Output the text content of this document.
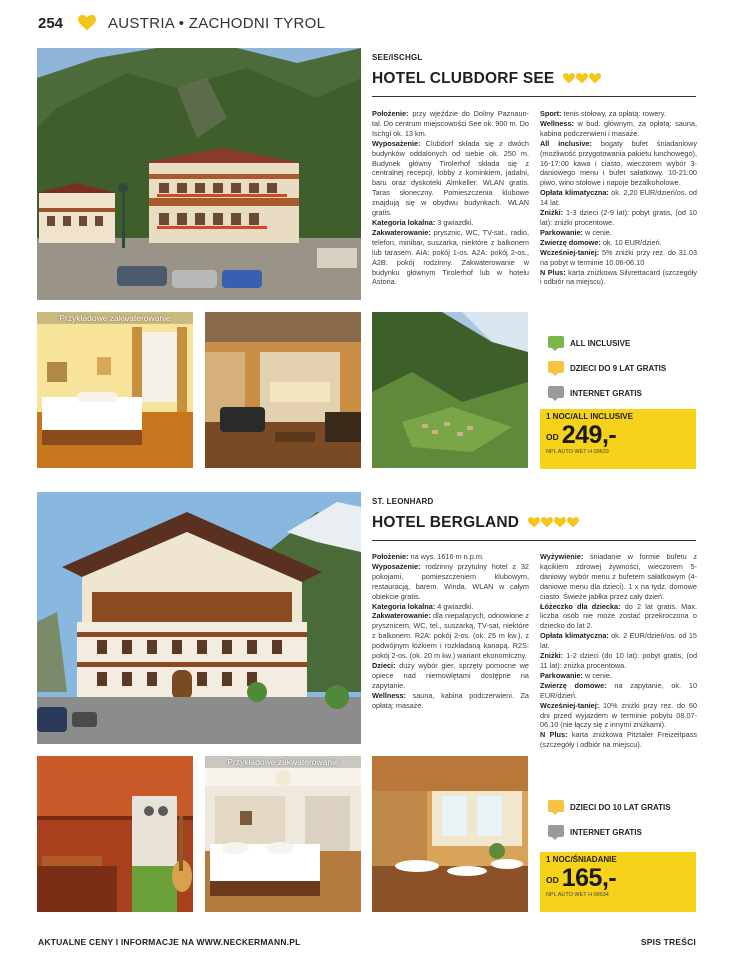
254	AUSTRIA • ZACHODNI TYROL
Przykładowe zakwaterowanie
SEE/ISCHGL
HOTEL CLUBDORF SEE

Położenie: przy wjeździe do Doliny Paznaun-tal. Do centrum miejscowości See ok. 900 m. Do Ischgl ok. 13 km.

Wyposażenie: Clubdorf składa się z dwóch budynków oddalonych od siebie ok. 250 m. Budynek główny Tirolerhof składa się z centralnej recepcji, lobby z kominkiem, jadalni, baru oraz dyskoteki Almkeller. WLAN gratis. Taras słoneczny. Pomieszczenia klubowe znajdują się w obydwu budynkach. WLAN gratis.

Kategoria lokalna: 3 gwiazdki.

Zakwaterowanie: prysznic, WC, TV-sat., radio, telefon, minibar, suszarka, niektóre z balkonem lub tarasem. AIA: pokój 1-os. A2A: pokój 2-os., A2B: pokój rodzinny. Zakwaterowanie w budynku głównym Tirolerhof lub w hotelu Astoria.

Sport: tenis stołowy, za opłatą: rowery.

Wellness: w bud. głównym, za opłatą: sauna, kabina podczerwieni i masaże.

All inclusive: bogaty bufet śniadaniowy (możliwość przygotowania pakietu lunchowego), 16-17:00 kawa i ciasto, wieczorem wybór 3-daniowego menu i bufet sałatkowy. 10-21:00 piwo, wino stołowe i napoje bezalkoholowe.

Opłata klimatyczna: ok. 2,20 EUR/dzień/os. od 14 lat.

Zniżki: 1-3 dzieci (2-9 lat): pobyt gratis, (od 10 lat): zniżki procentowe.

Parkowanie: w cenie.

Zwierzę domowe: ok. 10 EUR/dzień.

Wcześniej-taniej: 5% zniżki przy rez. do 31.03 na pobyt w terminie 10.06-06.10

N Plus: karta zniżkowa Silvrettacard (szczegóły i odbiór na miejscu).

ALL INCLUSIVE
DZIECI DO 9 LAT GRATIS
INTERNET GRATIS
1 NOC/ALL INCLUSIVE
OD 249,-
NPL AUTO WET H 09633
Przykładowe zakwaterowanie
ST. LEONHARD
HOTEL BERGLAND

Położenie: na wys. 1616 m n.p.m.

Wyposażenie: rodzinny przytulny hotel z 32 pokojami, pomieszczeniem klubowym, restauracją, barem. Winda. WLAN w całym obiekcie gratis.

Kategoria lokalna: 4 gwiazdki.

Zakwaterowanie: dla niepalących, odnowione z prysznicem, WC, tel., suszarką, TV-sat, niektóre z balkonem. R2A: pokój 2-os. (ok. 25 m kw.), z podwójnym łóżkiem i rozkładaną kanapą. R2S: pokój 2-os. (ok. 20 m kw.) wariant ekonomiczny.

Dzieci: duży wybór gier, sprzęty pomocne we opiece nad niemowlętami dostępne na zapytanie.

Wellness: sauna, kabina podczerwieni. Za opłatą: masaże.

Wyżywienie: śniadanie w formie bufetu z kącikiem zdrowej żywności, wieczorem 5-daniowy wybór menu z bufetem sałatkowym (4-daniowe menu dla dzieci). 1 x na tydz. domowe ciasto. Świeże jabłka przez cały dzień.

Łóżeczko dla dziecka: do 2 lat gratis. Max. liczba osób nie może zostać przekroczona o dziecko do lat 2.

Opłata klimatyczna: ok. 2 EUR/dzień/os. od 15 lat.

Zniżki: 1-2 dzieci (do 10 lat): pobyt gratis, (od 11 lat): zniżka procentowa.

Parkowanie: w cenie.

Zwierzę domowe: na zapytanie, ok. 10 EUR/dzień.

Wcześniej-taniej: 10% zniżki przy rez. do 60 dni przed wyjazdem w terminie pobytu 08.07-06.10 (nie łączy się z innymi zniżkami).

N Plus: karta zniżkowa Pitztaler Freizeitpass (szczegóły i odbiór na miejscu).

DZIECI DO 10 LAT GRATIS
INTERNET GRATIS
1 NOC/ŚNIADANIE
OD 165,-
NPL AUTO WET H 09634
AKTUALNE CENY I INFORMACJE NA WWW.NECKERMANN.PL	SPIS TREŚCI
